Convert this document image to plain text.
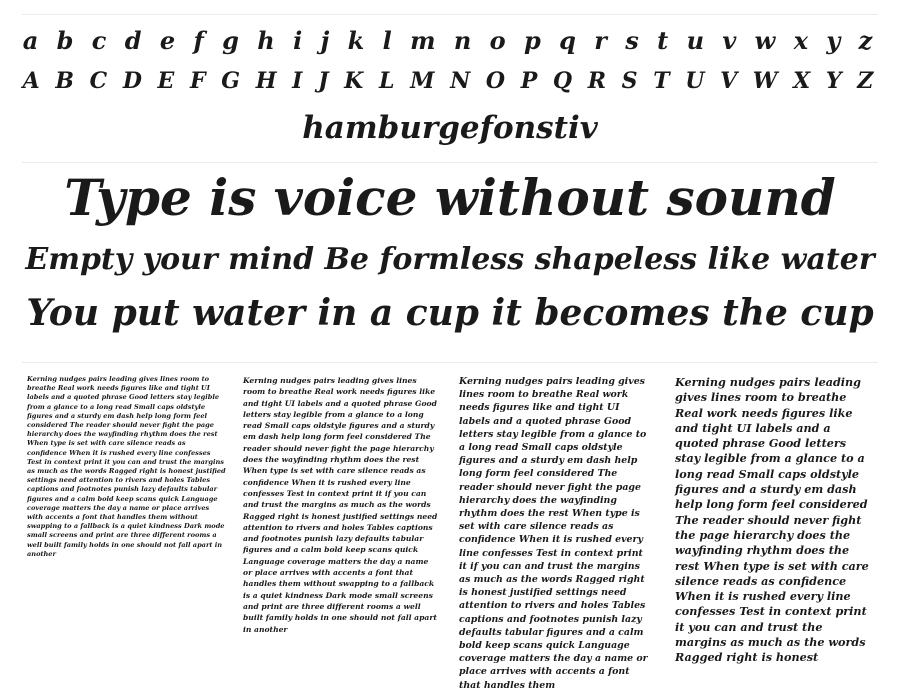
a b c d e f g h i j k l m n o p q r s t u v w x y z
A B C D E F G H I J K L M N O P Q R S T U V W X Y Z
hamburgefonstiv
Type is voice without sound
Empty your mind Be formless shapeless like water
You put water in a cup it becomes the cup
Kerning nudges pairs leading gives lines room to breathe Real work needs figures like and tight UI labels and a quoted phrase Good letters stay legible from a glance to a long read Small caps oldstyle figures and a sturdy em dash help long form feel considered The reader should never fight the page hierarchy does the wayfinding rhythm does the rest When type is set with care silence reads as confidence When it is rushed every line confesses Test in context print it you can and trust the margins as much as the words Ragged right is honest justified settings need attention to rivers and holes Tables captions and footnotes punish lazy defaults tabular figures and a calm bold keep scans quick Language coverage matters the day a name or place arrives with accents a font that handles them without swapping to a fallback is a quiet kindness Dark mode small screens and print are three different rooms a well built family holds in one should not fall apart in another
Kerning nudges pairs leading gives lines room to breathe Real work needs figures like and tight UI labels and a quoted phrase Good letters stay legible from a glance to a long read Small caps oldstyle figures and a sturdy em dash help long form feel considered The reader should never fight the page hierarchy does the wayfinding rhythm does the rest When type is set with care silence reads as confidence When it is rushed every line confesses Test in context print it if you can and trust the margins as much as the words Ragged right is honest justified settings need attention to rivers and holes Tables captions and footnotes punish lazy defaults tabular figures and a calm bold keep scans quick Language coverage matters the day a name or place arrives with accents a font that handles them without swapping to a fallback is a quiet kindness Dark mode small screens and print are three different rooms a well built family holds in one should not fall apart in another
Kerning nudges pairs leading gives lines room to breathe Real work needs figures like and tight UI labels and a quoted phrase Good letters stay legible from a glance to a long read Small caps oldstyle figures and a sturdy em dash help long form feel considered The reader should never fight the page hierarchy does the wayfinding rhythm does the rest When type is set with care silence reads as confidence When it is rushed every line confesses Test in context print it if you can and trust the margins as much as the words Ragged right is honest justified settings need attention to rivers and holes Tables captions and footnotes punish lazy defaults tabular figures and a calm bold keep scans quick Language coverage matters the day a name or place arrives with accents a font that handles them
Kerning nudges pairs leading gives lines room to breathe Real work needs figures like and tight UI labels and a quoted phrase Good letters stay legible from a glance to a long read Small caps oldstyle figures and a sturdy em dash help long form feel considered The reader should never fight the page hierarchy does the wayfinding rhythm does the rest When type is set with care silence reads as confidence When it is rushed every line confesses Test in context print it you can and trust the margins as much as the words Ragged right is honest
